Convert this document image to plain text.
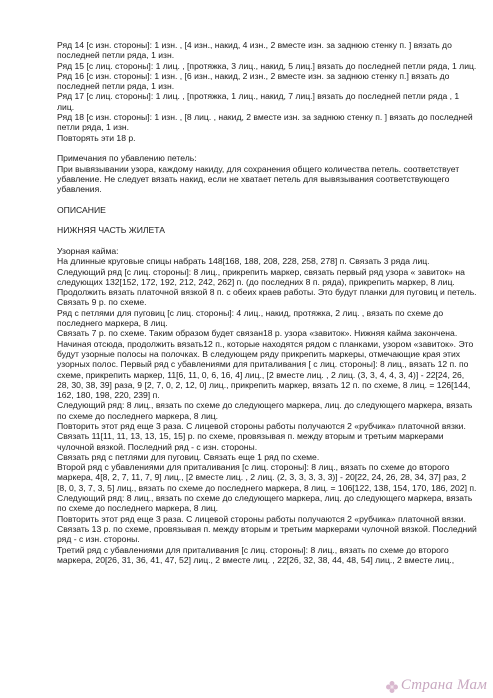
Ряд 14 [с изн. стороны]: 1 изн. , [4 изн., накид, 4 изн., 2 вместе изн. за заднюю стенку п. ] вязать до последней петли ряда, 1 изн.

Ряд 15 [с лиц. стороны]: 1 лиц. , [протяжка, 3 лиц., накид, 5 лиц.] вязать до последней петли ряда, 1 лиц.

Ряд 16 [с изн. стороны]: 1 изн. , [6 изн., накид, 2 изн., 2 вместе изн. за заднюю стенку п.] вязать до последней петли ряда, 1 изн.

Ряд 17 [с лиц. стороны]: 1 лиц. , [протяжка, 1 лиц., накид, 7 лиц.] вязать до последней петли ряда , 1 лиц.

Ряд 18 [с изн. стороны]: 1 изн. , [8 лиц. , накид, 2 вместе изн. за заднюю стенку п. ] вязать до последней петли ряда, 1 изн.

Повторять эти 18 р.

Примечания по убавлению петель:

При вывязывании узора, каждому накиду, для сохранения общего количества петель. соответствует убавление. Не следует вязать накид, если не хватает петель для вывязывания соответствующего убавления.

ОПИСАНИЕ

НИЖНЯЯ ЧАСТЬ ЖИЛЕТА

Узорная кайма:

На длинные круговые спицы набрать 148[168, 188, 208, 228, 258, 278] п. Связать 3 ряда лиц.

Следующий ряд [с лиц. стороны]: 8 лиц., прикрепить маркер, связать первый ряд узора « завиток» на следующих 132[152, 172, 192, 212, 242, 262] п. (до последних 8 п. ряда), прикрепить маркер, 8 лиц.

Продолжить вязать платочной вязкой 8 п. с обеих краев работы. Это будут планки для пуговиц и петель. Связать 9 р. по схеме.

Ряд с петлями для пуговиц [с лиц. стороны]: 4 лиц., накид, протяжка, 2 лиц. , вязать по схеме до последнего маркера, 8 лиц.

Связать 7 р. по схеме. Таким образом будет связан18 р. узора «завиток». Нижняя кайма закончена. Начиная отсюда, продолжить вязать12 п., которые находятся рядом с планками, узором «завиток». Это будут узорные полосы на полочках. В следующем ряду прикрепить маркеры, отмечающие края этих узорных полос. Первый ряд с убавлениями для приталивания [ с лиц. стороны]: 8 лиц., вязать 12 п. по схеме, прикрепить маркер, 11[6, 11, 0, 6, 16, 4] лиц., [2 вместе лиц. , 2 лиц. (3, 3, 4, 4, 3, 4)] - 22[24, 26, 28, 30, 38, 39] раза, 9 [2, 7, 0, 2, 12, 0] лиц., прикрепить маркер, вязать 12 п. по схеме, 8 лиц. = 126[144, 162, 180, 198, 220, 239] п.

Следующий ряд: 8 лиц., вязать по схеме до следующего маркера, лиц. до следующего маркера, вязать по схеме до последнего маркера, 8 лиц.

Повторить этот ряд еще 3 раза. С лицевой стороны работы получаются 2 «рубчика» платочной вязки.

Связать 11[11, 11, 13, 13, 15, 15] р. по схеме, провязывая п. между вторым и третьим маркерами чулочной вязкой. Последний ряд - с изн. стороны.

Связать ряд с петлями для пуговиц. Связать еще 1 ряд по схеме.

Второй ряд с убавлениями для приталивания [с лиц. стороны]: 8 лиц., вязать по схеме до второго маркера, 4[8, 2, 7, 11, 7, 9] лиц., [2 вместе лиц. , 2 лиц. (2, 3, 3, 3, 3, 3)] - 20[22, 24, 26, 28, 34, 37] раз, 2 [8, 0, 3, 7, 3, 5] лиц., вязать по схеме до последнего маркера, 8 лиц. = 106[122, 138, 154, 170, 186, 202] п.

Следующий ряд: 8 лиц., вязать по схеме до следующего маркера, лиц. до следующего маркера, вязать по схеме до последнего маркера, 8 лиц.

Повторить этот ряд еще 3 раза. С лицевой стороны работы получаются 2 «рубчика» платочной вязки.

Связать 13 р. по схеме, провязывая п. между вторым и третьим маркерами чулочной вязкой. Последний ряд - с изн. стороны.

Третий ряд с убавлениями для приталивания [с лиц. стороны]: 8 лиц., вязать по схеме до второго маркера, 20[26, 31, 36, 41, 47, 52] лиц., 2 вместе лиц. , 22[26, 32, 38, 44, 48, 54] лиц., 2 вместе лиц.,

Страна Мам
